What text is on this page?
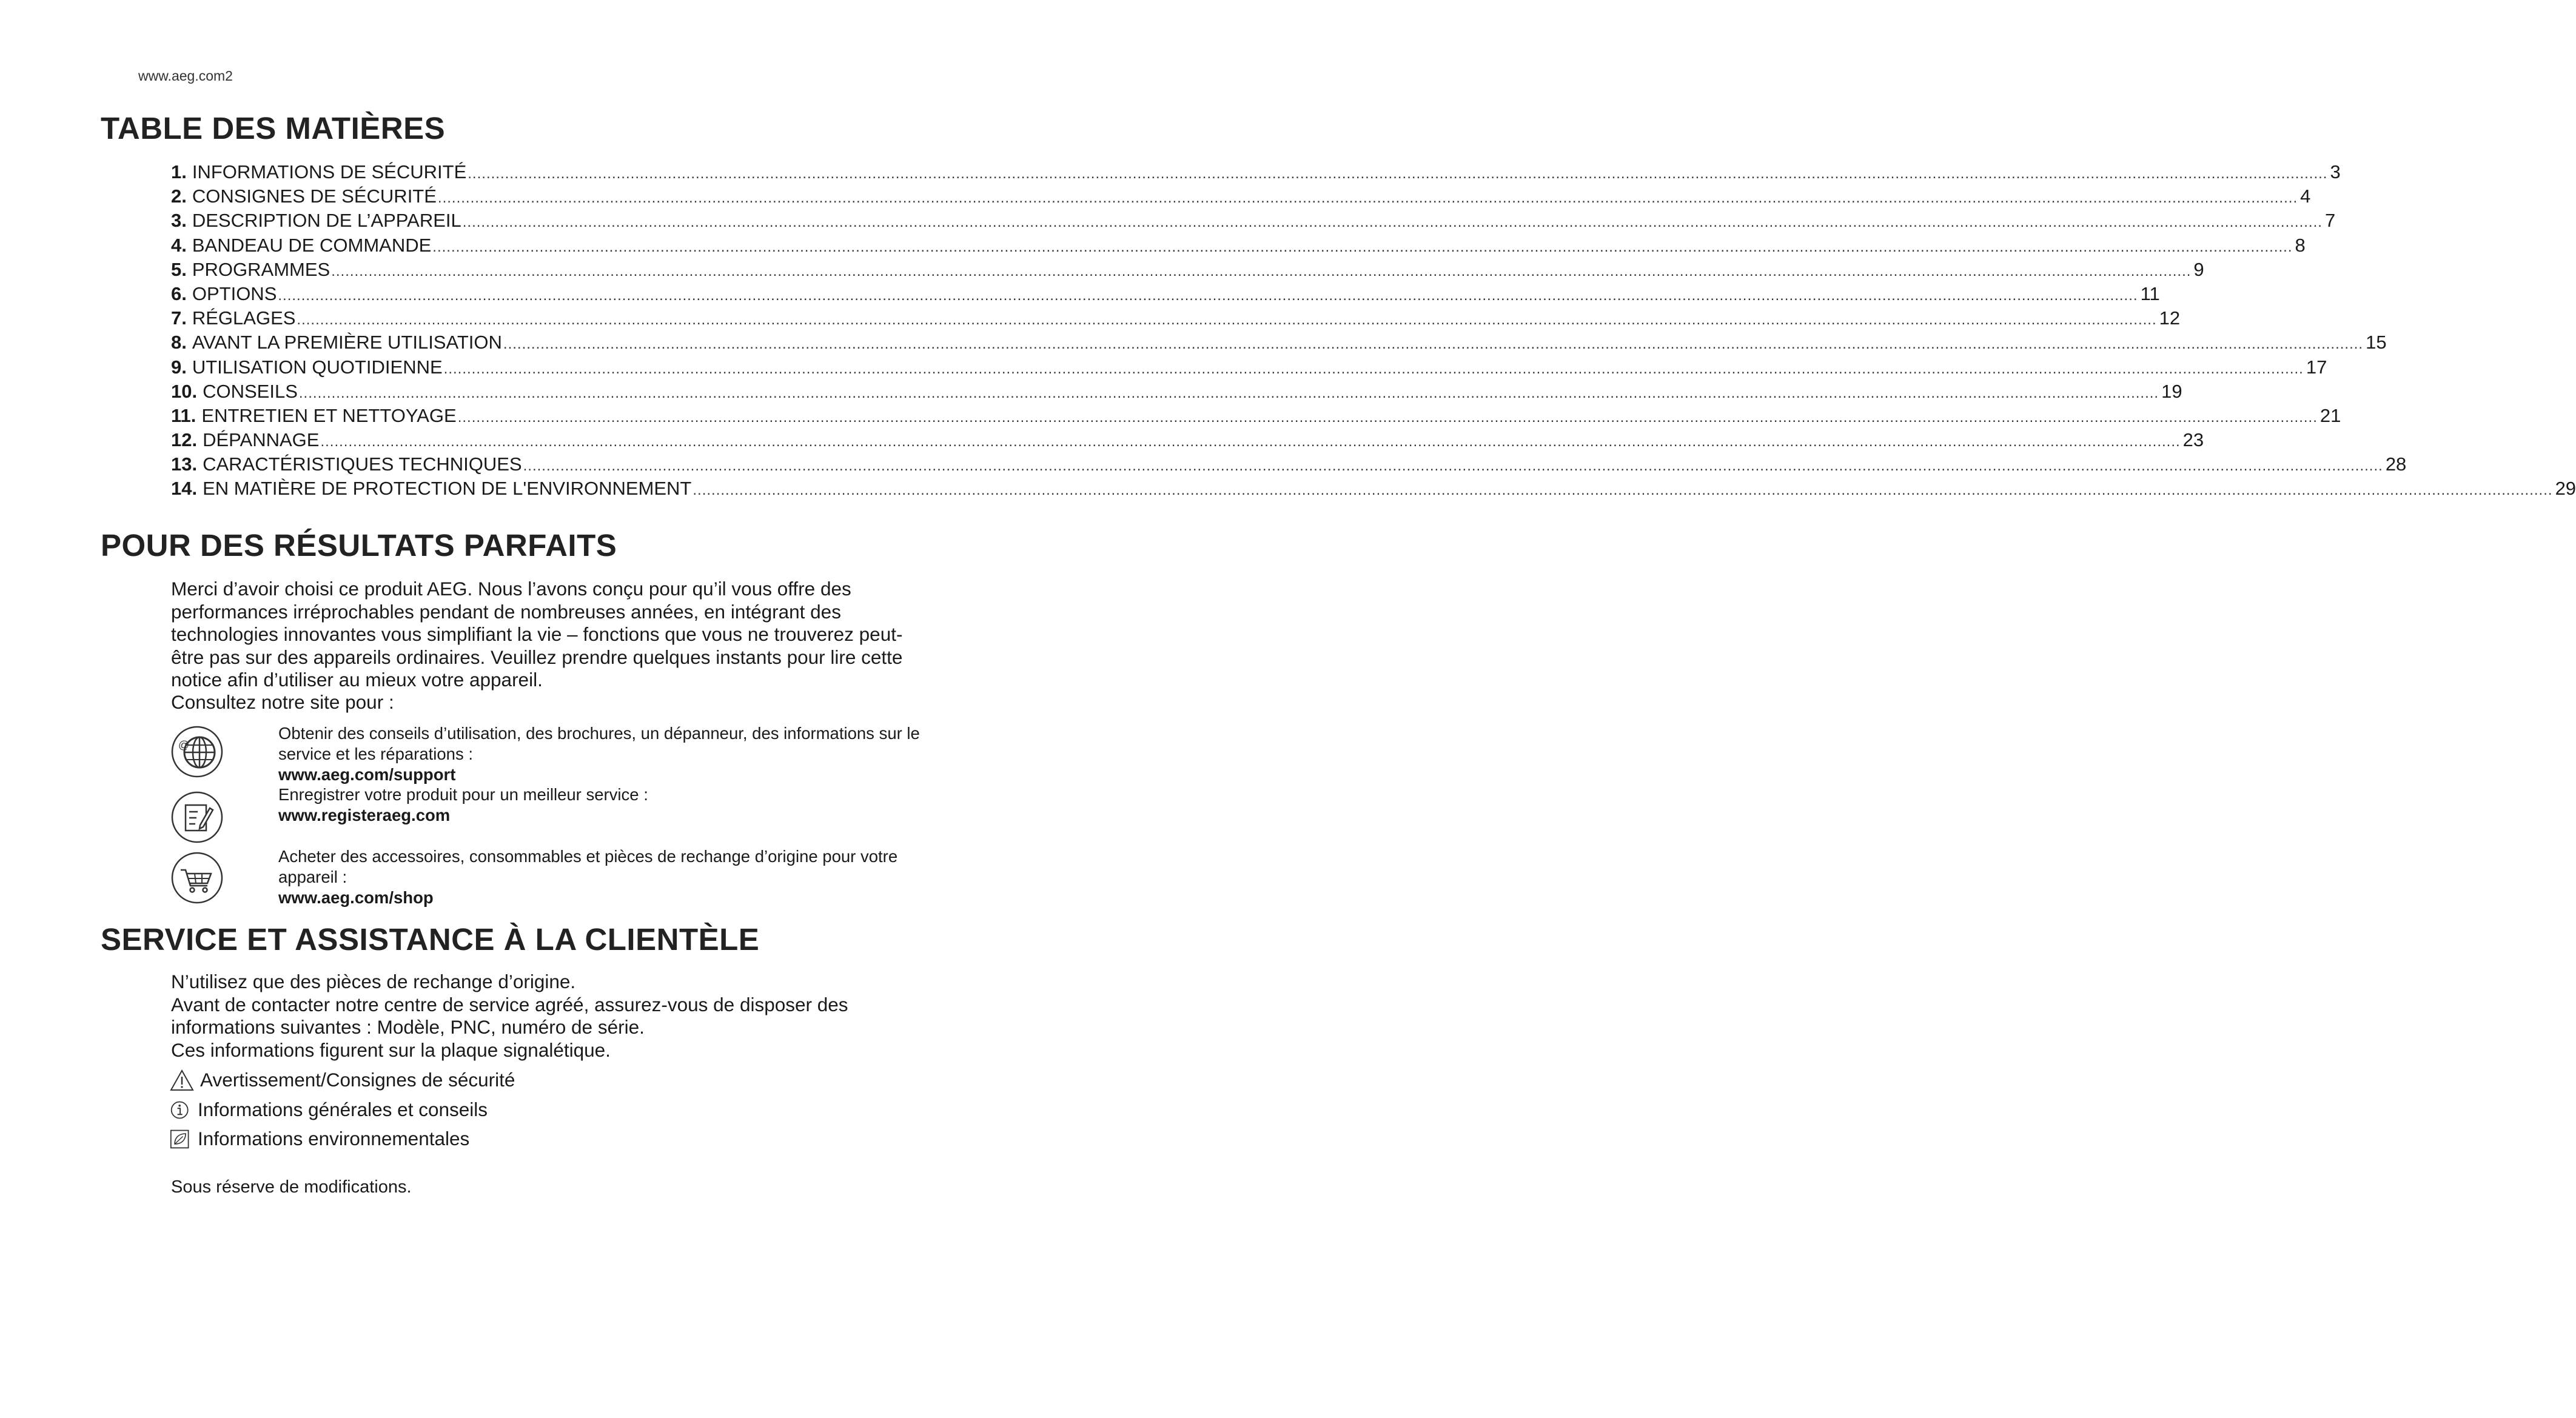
www.aeg.com2
TABLE DES MATIÈRES
1. INFORMATIONS DE SÉCURITÉ ................................................................................................................................................................................................................................................................................................................................................................................................................ 3
2. CONSIGNES DE SÉCURITÉ ................................................................................................................................................................................................................................................................................................................................................................................................................ 4
3. DESCRIPTION DE L’APPAREIL ................................................................................................................................................................................................................................................................................................................................................................................................................ 7
4. BANDEAU DE COMMANDE ................................................................................................................................................................................................................................................................................................................................................................................................................ 8
5. PROGRAMMES ................................................................................................................................................................................................................................................................................................................................................................................................................ 9
6. OPTIONS ................................................................................................................................................................................................................................................................................................................................................................................................................ 11
7. RÉGLAGES ................................................................................................................................................................................................................................................................................................................................................................................................................ 12
8. AVANT LA PREMIÈRE UTILISATION ................................................................................................................................................................................................................................................................................................................................................................................................................ 15
9. UTILISATION QUOTIDIENNE ................................................................................................................................................................................................................................................................................................................................................................................................................ 17
10. CONSEILS ................................................................................................................................................................................................................................................................................................................................................................................................................ 19
11. ENTRETIEN ET NETTOYAGE ................................................................................................................................................................................................................................................................................................................................................................................................................ 21
12. DÉPANNAGE ................................................................................................................................................................................................................................................................................................................................................................................................................ 23
13. CARACTÉRISTIQUES TECHNIQUES ................................................................................................................................................................................................................................................................................................................................................................................................................ 28
14. EN MATIÈRE DE PROTECTION DE L'ENVIRONNEMENT ................................................................................................................................................................................................................................................................................................................................................................................................................ 29
POUR DES RÉSULTATS PARFAITS
Merci d’avoir choisi ce produit AEG. Nous l’avons conçu pour qu’il vous offre des performances irréprochables pendant de nombreuses années, en intégrant des technologies innovantes vous simplifiant la vie – fonctions que vous ne trouverez peut-être pas sur des appareils ordinaires. Veuillez prendre quelques instants pour lire cette notice afin d’utiliser au mieux votre appareil.
Consultez notre site pour :
@
Obtenir des conseils d’utilisation, des brochures, un dépanneur, des informations sur le service et les réparations :
www.aeg.com/support
Enregistrer votre produit pour un meilleur service :
www.registeraeg.com
Acheter des accessoires, consommables et pièces de rechange d’origine pour votre appareil :
www.aeg.com/shop
SERVICE ET ASSISTANCE À LA CLIENTÈLE
N’utilisez que des pièces de rechange d’origine.
Avant de contacter notre centre de service agréé, assurez-vous de disposer des informations suivantes : Modèle, PNC, numéro de série.
Ces informations figurent sur la plaque signalétique.
Avertissement/Consignes de sécurité
Informations générales et conseils
Informations environnementales
Sous réserve de modifications.
